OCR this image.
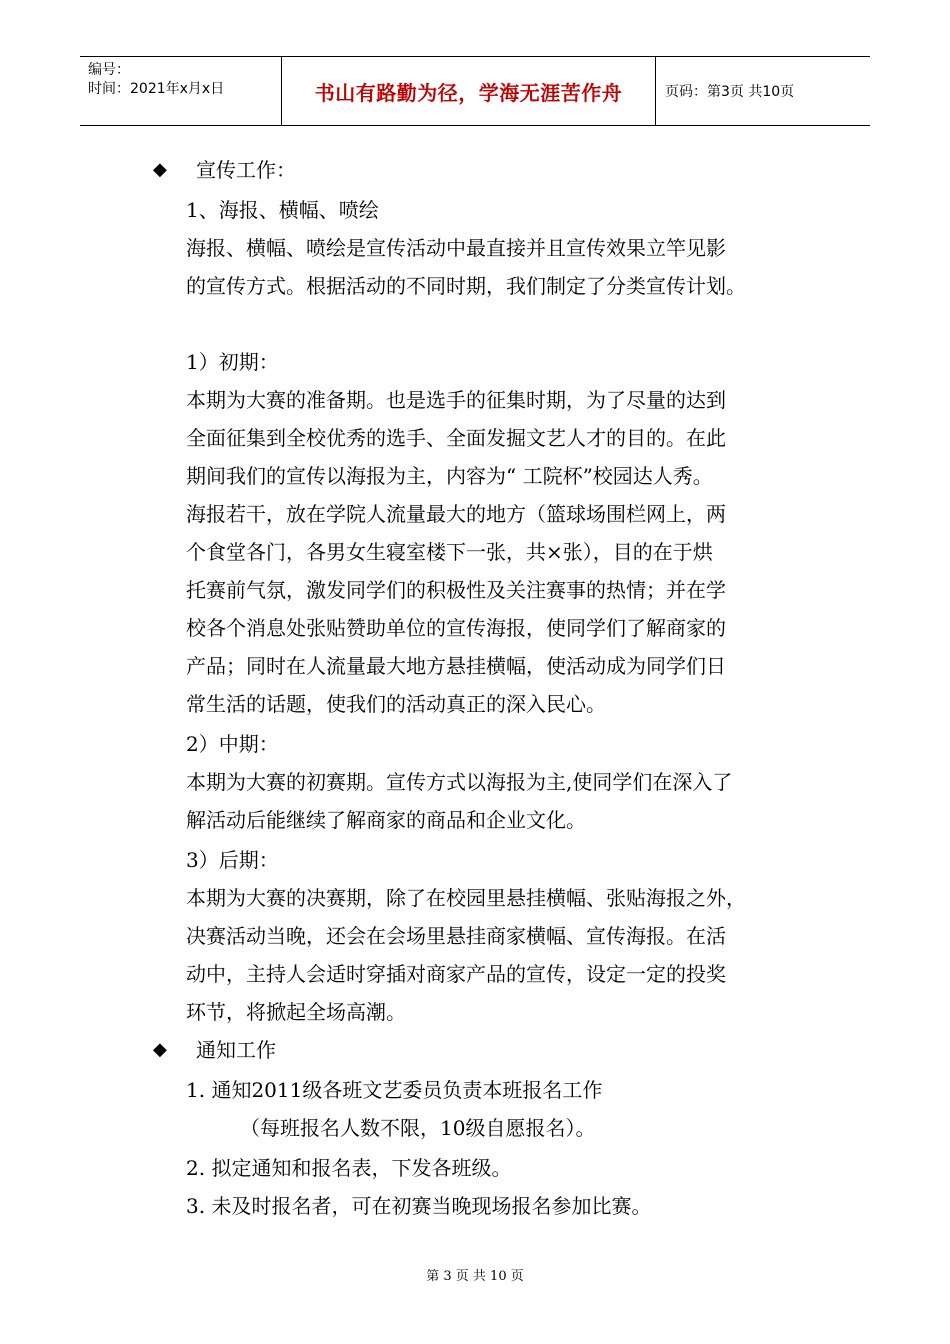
编号：
时间：2021年x月x日	书山有路勤为径，学海无涯苦作舟	页码：第3页 共10页
◆ 宣传工作：
1、海报、横幅、喷绘
海报、横幅、喷绘是宣传活动中最直接并且宣传效果立竿见影
的宣传方式。根据活动的不同时期，我们制定了分类宣传计划。
1）初期：
本期为大赛的准备期。也是选手的征集时期，为了尽量的达到
全面征集到全校优秀的选手、全面发掘文艺人才的目的。在此
期间我们的宣传以海报为主，内容为“ 工院杯”校园达人秀。
海报若干，放在学院人流量最大的地方（篮球场围栏网上，两
个食堂各门，各男女生寝室楼下一张，共×张），目的在于烘
托赛前气氛，激发同学们的积极性及关注赛事的热情；并在学
校各个消息处张贴赞助单位的宣传海报，使同学们了解商家的
产品；同时在人流量最大地方悬挂横幅，使活动成为同学们日
常生活的话题，使我们的活动真正的深入民心。
2）中期：
本期为大赛的初赛期。宣传方式以海报为主,使同学们在深入了
解活动后能继续了解商家的商品和企业文化。
3）后期：
本期为大赛的决赛期，除了在校园里悬挂横幅、张贴海报之外，
决赛活动当晚，还会在会场里悬挂商家横幅、宣传海报。在活
动中，主持人会适时穿插对商家产品的宣传，设定一定的投奖
环节，将掀起全场高潮。
◆ 通知工作
1. 通知2011级各班文艺委员负责本班报名工作
（每班报名人数不限，10级自愿报名）。
2. 拟定通知和报名表，下发各班级。
3. 未及时报名者，可在初赛当晚现场报名参加比赛。
第 3 页 共 10 页
